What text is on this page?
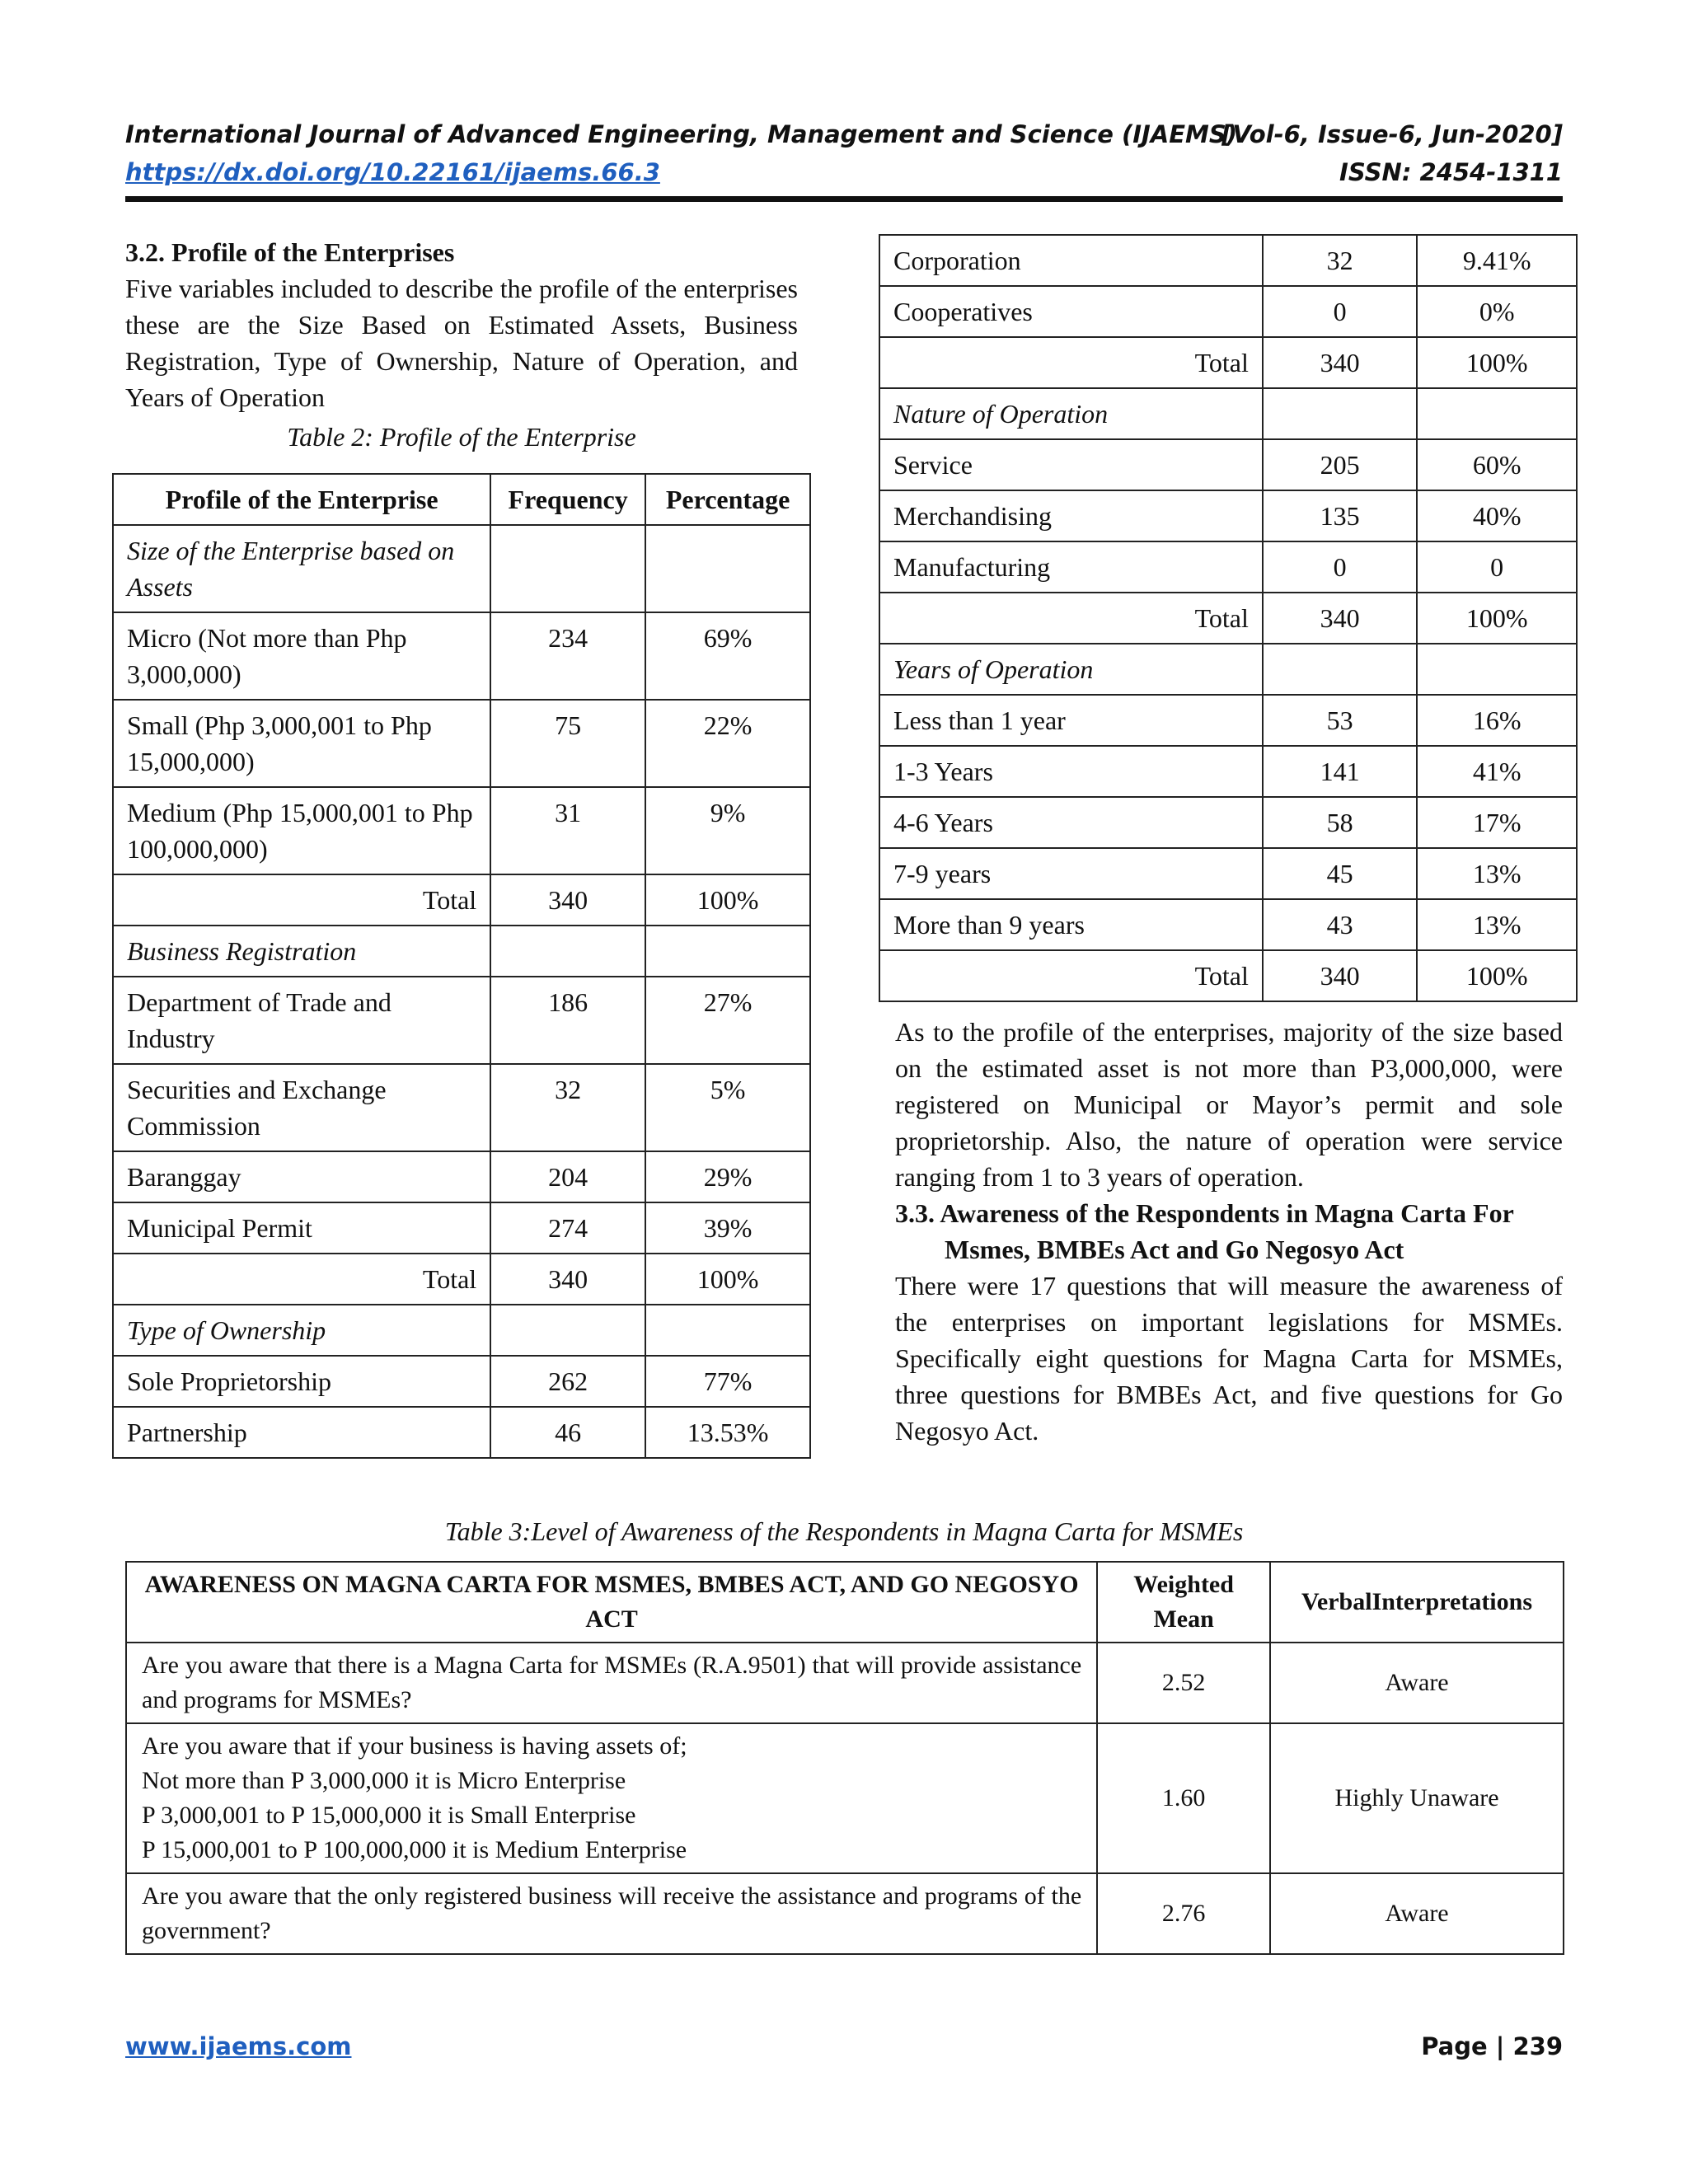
International Journal of Advanced Engineering, Management and Science (IJAEMS)
[Vol-6, Issue-6, Jun-2020]
https://dx.doi.org/10.22161/ijaems.66.3	ISSN: 2454-1311
3.2. Profile of the Enterprises
Five variables included to describe the profile of the enterprises these are the Size Based on Estimated Assets, Business Registration, Type of Ownership, Nature of Operation, and Years of Operation
Table 2: Profile of the Enterprise
Profile of the Enterprise	Frequency	Percentage
Size of the Enterprise based on Assets		
Micro (Not more than Php 3,000,000)	234	69%
Small (Php 3,000,001 to Php 15,000,000)	75	22%
Medium (Php 15,000,001 to Php 100,000,000)	31	9%
Total	340	100%
Business Registration		
Department of Trade and Industry	186	27%
Securities and Exchange Commission	32	5%
Baranggay	204	29%
Municipal Permit	274	39%
Total	340	100%
Type of Ownership		
Sole Proprietorship	262	77%
Partnership	46	13.53%
Corporation	32	9.41%
Cooperatives	0	0%
Total	340	100%
Nature of Operation		
Service	205	60%
Merchandising	135	40%
Manufacturing	0	0
Total	340	100%
Years of Operation		
Less than 1 year	53	16%
1-3 Years	141	41%
4-6 Years	58	17%
7-9 years	45	13%
More than 9 years	43	13%
Total	340	100%
As to the profile of the enterprises, majority of the size based on the estimated asset is not more than P3,000,000, were registered on Municipal or Mayor’s permit and sole proprietorship. Also, the nature of operation were service ranging from 1 to 3 years of operation.
3.3. Awareness of the Respondents in Magna Carta For
Msmes, BMBEs Act and Go Negosyo Act
There were 17 questions that will measure the awareness of the enterprises on important legislations for MSMEs. Specifically eight questions for Magna Carta for MSMEs, three questions for BMBEs Act, and five questions for Go Negosyo Act.
Table 3:Level of Awareness of the Respondents in Magna Carta for MSMEs
AWARENESS ON MAGNA CARTA FOR MSMES, BMBES ACT, AND GO NEGOSYO ACT	Weighted Mean	VerbalInterpretations

Are you aware that there is a Magna Carta for MSMEs (R.A.9501) that will provide assistance and programs for MSMEs?	2.52	Aware

Are you aware that if your business is having assets of;
Not more than P 3,000,000 it is Micro Enterprise
P 3,000,001 to P 15,000,000 it is Small Enterprise
P 15,000,001 to P 100,000,000 it is Medium Enterprise	1.60	Highly Unaware

Are you aware that the only registered business will receive the assistance and programs of the government?	2.76	Aware
www.ijaems.com	Page | 239
